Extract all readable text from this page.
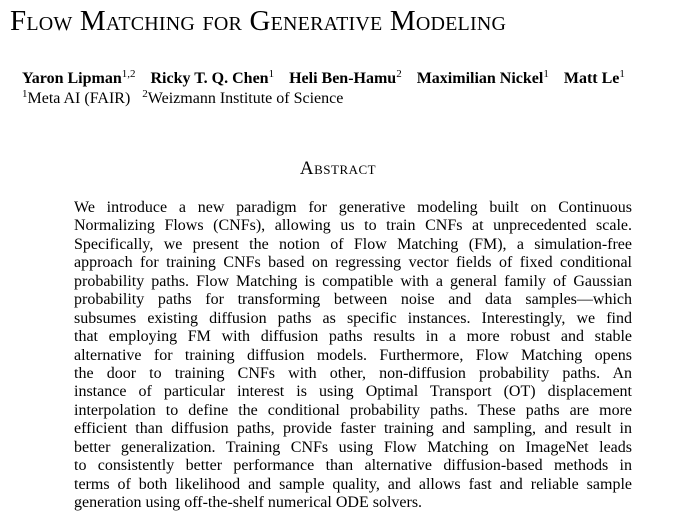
Flow Matching for Generative Modeling
Yaron Lipman$^{1,2}$ Ricky T. Q. Chen$^1$ Heli Ben-Hamu$^2$ Maximilian Nickel$^1$ Matt Le$^1$
$^1$Meta AI (FAIR) $^2$Weizmann Institute of Science
Abstract
We introduce a new paradigm for generative modeling built on Continuous
Normalizing Flows (CNFs), allowing us to train CNFs at unprecedented scale.
Specifically, we present the notion of Flow Matching (FM), a simulation-free
approach for training CNFs based on regressing vector fields of fixed conditional
probability paths. Flow Matching is compatible with a general family of Gaussian
probability paths for transforming between noise and data samples—which
subsumes existing diffusion paths as specific instances. Interestingly, we find
that employing FM with diffusion paths results in a more robust and stable
alternative for training diffusion models. Furthermore, Flow Matching opens
the door to training CNFs with other, non-diffusion probability paths. An
instance of particular interest is using Optimal Transport (OT) displacement
interpolation to define the conditional probability paths. These paths are more
efficient than diffusion paths, provide faster training and sampling, and result in
better generalization. Training CNFs using Flow Matching on ImageNet leads
to consistently better performance than alternative diffusion-based methods in
terms of both likelihood and sample quality, and allows fast and reliable sample
generation using off-the-shelf numerical ODE solvers.
